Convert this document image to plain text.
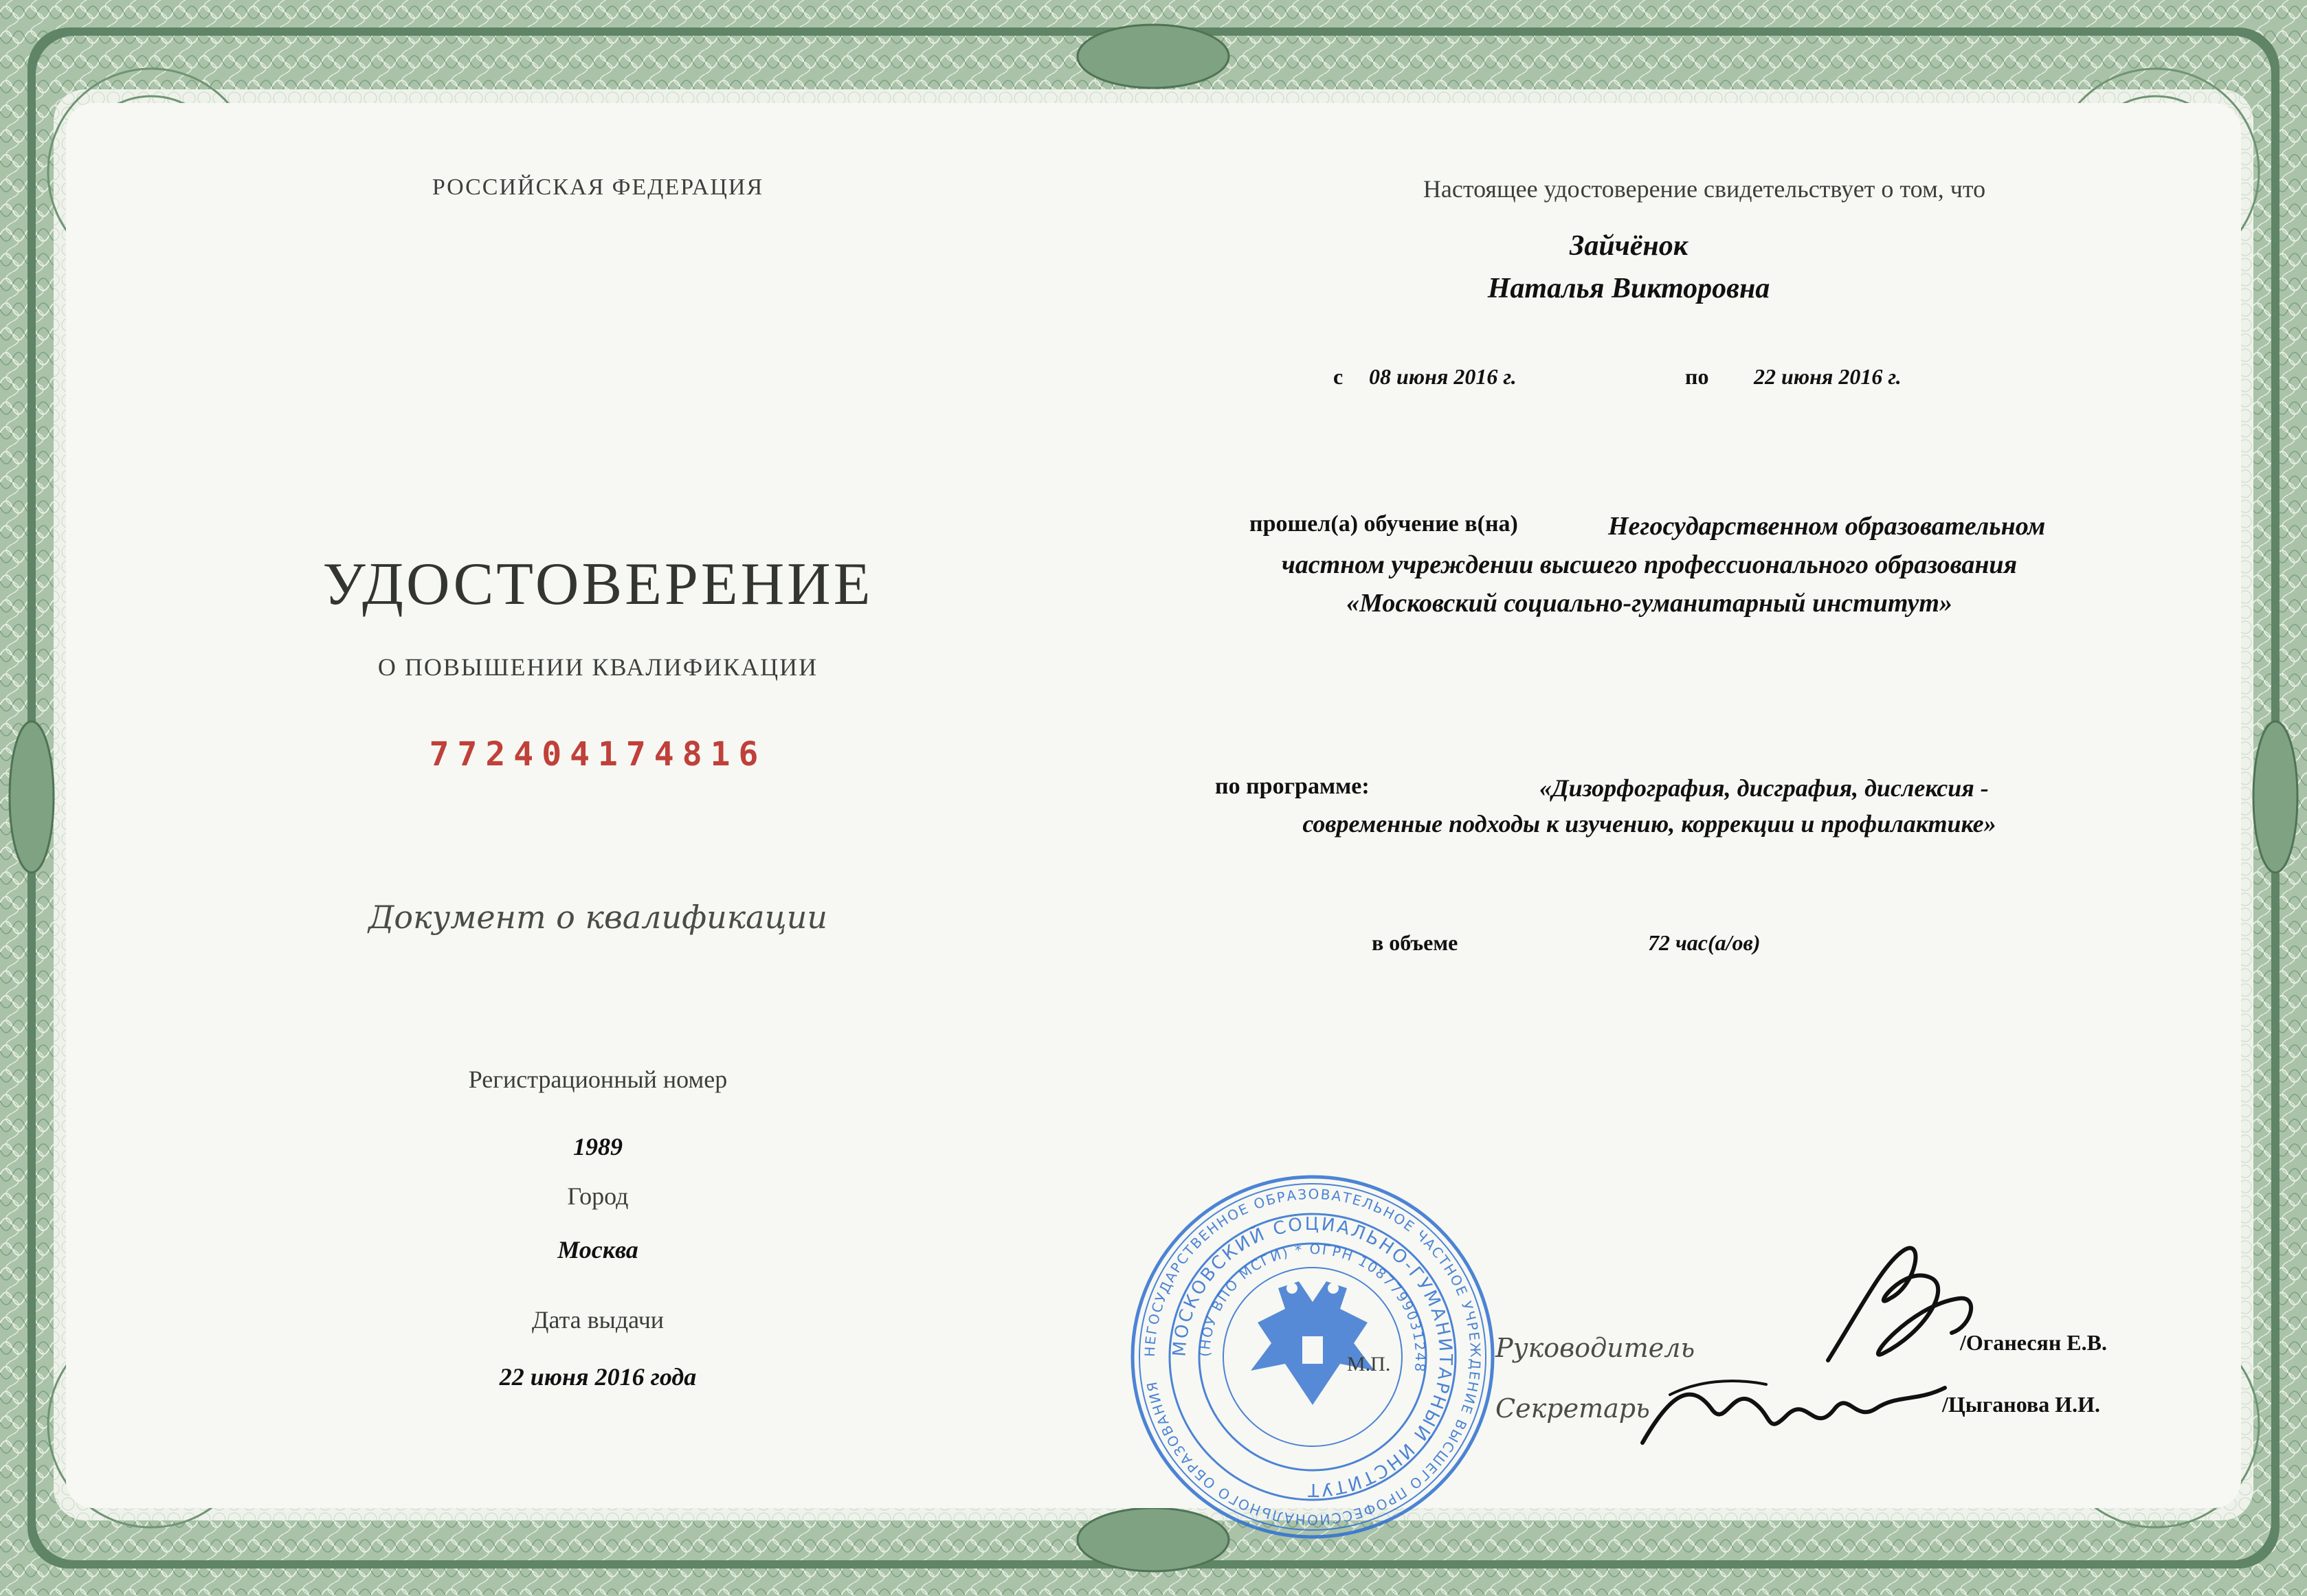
РОССИЙСКАЯ ФЕДЕРАЦИЯ
УДОСТОВЕРЕНИЕ
О ПОВЫШЕНИИ КВАЛИФИКАЦИИ
772404174816
Документ о квалификации
Регистрационный номер
1989
Город
Москва
Дата выдачи
22 июня 2016 года
Настоящее удостоверение свидетельствует о том, что
Зайчёнок
Наталья Викторовна
с 08 июня 2016 г.	по 22 июня 2016 г.
прошел(а) обучение в(на)	Негосударственном образовательном
частном учреждении высшего профессионального образования
«Московский социально-гуманитарный институт»
по программе:	«Дизорфография, дисграфия, дислексия -
современные подходы к изучению, коррекции и профилактике»
в объеме	72 час(а/ов)
НЕГОСУДАРСТВЕННОЕ ОБРАЗОВАТЕЛЬНОЕ ЧАСТНОЕ УЧРЕЖДЕНИЕ ВЫСШЕГО ПРОФЕССИОНАЛЬНОГО ОБРАЗОВАНИЯ
МОСКОВСКИЙ СОЦИАЛЬНО-ГУМАНИТАРНЫЙ ИНСТИТУТ
(НОУ ВПО МСГИ) * ОГРН 1087799031248
М.П.
Руководитель	/Оганесян Е.В.
Секретарь	/Цыганова И.И.
